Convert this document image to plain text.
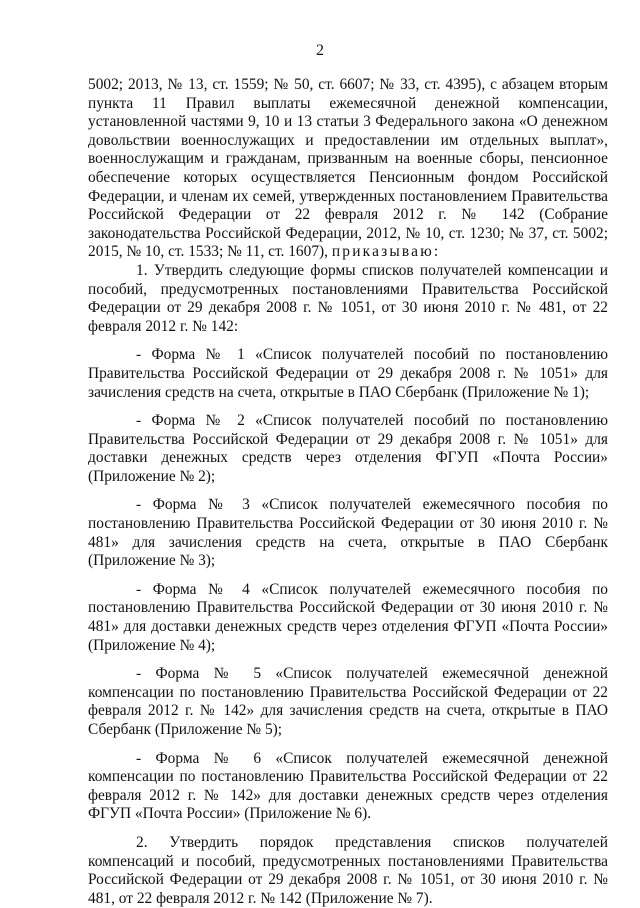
2

5002; 2013, № 13, ст. 1559; № 50, ст. 6607; № 33, ст. 4395), с абзацем вторым пункта 11 Правил выплаты ежемесячной денежной компенсации, установленной частями 9, 10 и 13 статьи 3 Федерального закона «О денежном довольствии военнослужащих и предоставлении им отдельных выплат», военнослужащим и гражданам, призванным на военные сборы, пенсионное обеспечение которых осуществляется Пенсионным фондом Российской Федерации, и членам их семей, утвержденных постановлением Правительства Российской Федерации от 22 февраля 2012 г. № 142 (Собрание законодательства Российской Федерации, 2012, № 10, ст. 1230; № 37, ст. 5002; 2015, № 10, ст. 1533; № 11, ст. 1607), приказываю:

1. Утвердить следующие формы списков получателей компенсации и пособий, предусмотренных постановлениями Правительства Российской Федерации от 29 декабря 2008 г. № 1051, от 30 июня 2010 г. № 481, от 22 февраля 2012 г. № 142:

- Форма № 1 «Список получателей пособий по постановлению Правительства Российской Федерации от 29 декабря 2008 г. № 1051» для зачисления средств на счета, открытые в ПАО Сбербанк (Приложение № 1);

- Форма № 2 «Список получателей пособий по постановлению Правительства Российской Федерации от 29 декабря 2008 г. № 1051» для доставки денежных средств через отделения ФГУП «Почта России» (Приложение № 2);

- Форма № 3 «Список получателей ежемесячного пособия по постановлению Правительства Российской Федерации от 30 июня 2010 г. № 481» для зачисления средств на счета, открытые в ПАО Сбербанк (Приложение № 3);

- Форма № 4 «Список получателей ежемесячного пособия по постановлению Правительства Российской Федерации от 30 июня 2010 г. № 481» для доставки денежных средств через отделения ФГУП «Почта России» (Приложение № 4);

- Форма № 5 «Список получателей ежемесячной денежной компенсации по постановлению Правительства Российской Федерации от 22 февраля 2012 г. № 142» для зачисления средств на счета, открытые в ПАО Сбербанк (Приложение № 5);

- Форма № 6 «Список получателей ежемесячной денежной компенсации по постановлению Правительства Российской Федерации от 22 февраля 2012 г. № 142» для доставки денежных средств через отделения ФГУП «Почта России» (Приложение № 6).

2. Утвердить порядок представления списков получателей компенсаций и пособий, предусмотренных постановлениями Правительства Российской Федерации от 29 декабря 2008 г. № 1051, от 30 июня 2010 г. № 481, от 22 февраля 2012 г. № 142 (Приложение № 7).
